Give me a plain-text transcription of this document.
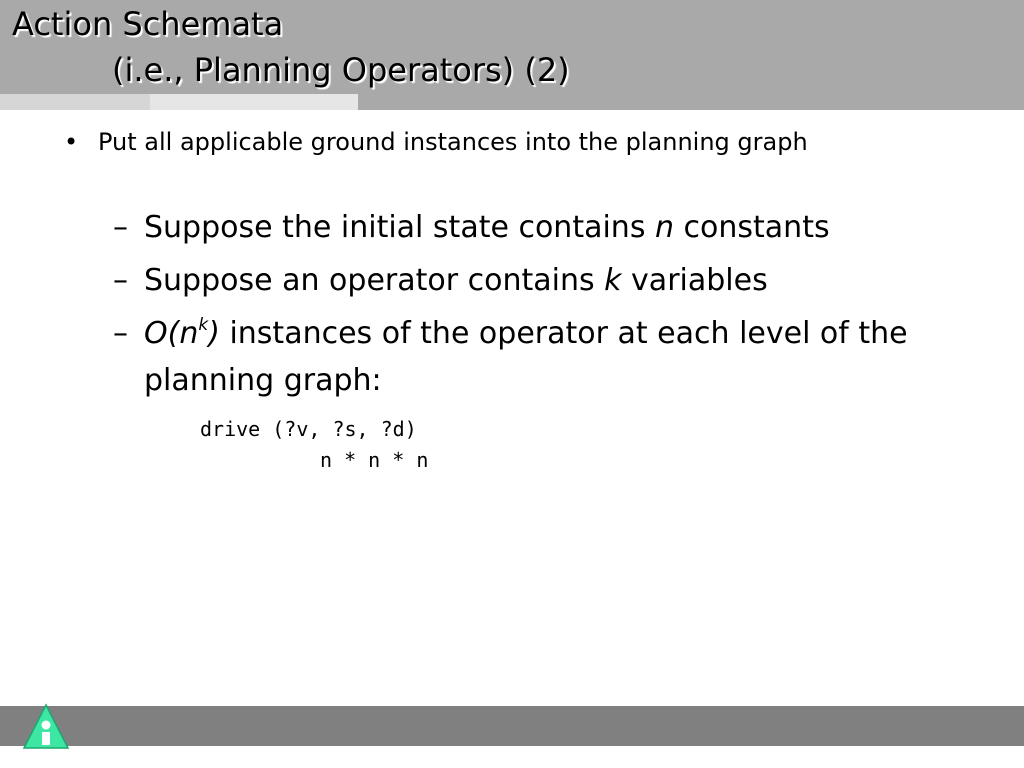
Action Schemata
(i.e., Planning Operators) (2)
• Put all applicable ground instances into the planning graph
– Suppose the initial state contains n constants
– Suppose an operator contains k variables
– $O(n^k)$ instances of the operator at each level of the planning graph:
drive (?v, ?s, ?d)

n * n * n
